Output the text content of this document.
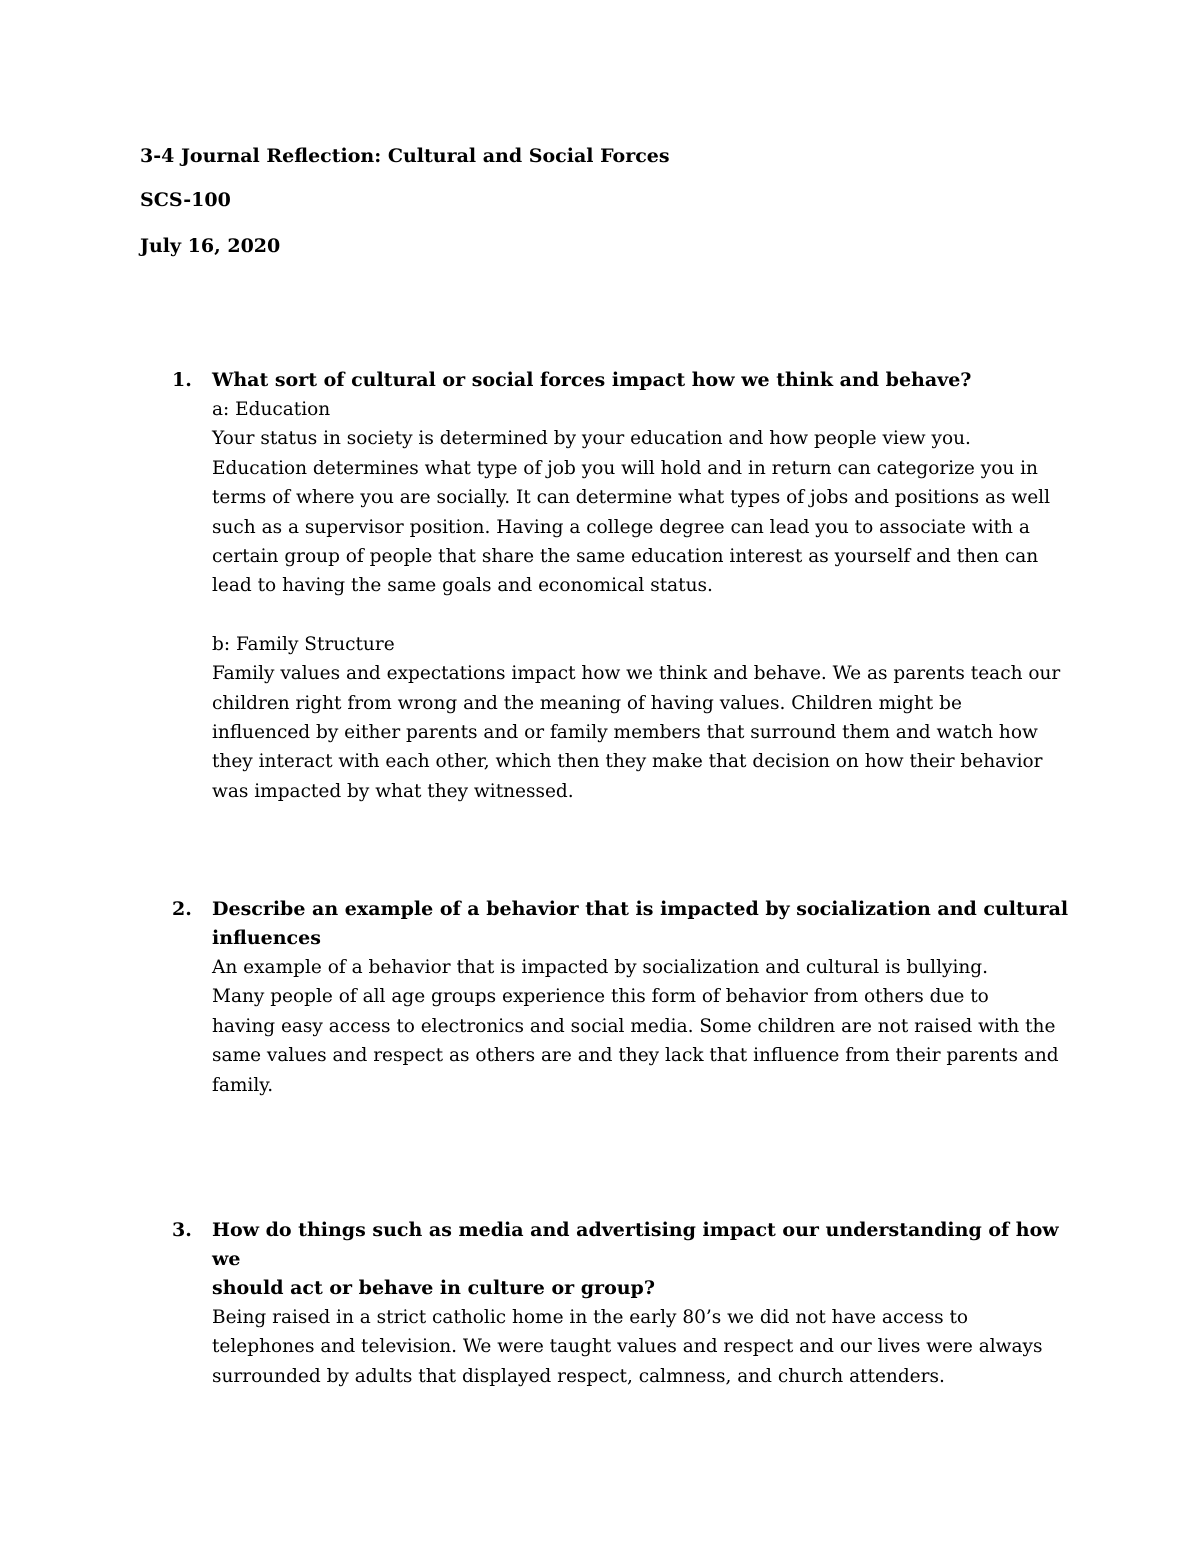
3-4 Journal Reflection: Cultural and Social Forces
SCS-100
July 16, 2020
1. What sort of cultural or social forces impact how we think and behave?

a: Education

Your status in society is determined by your education and how people view you.
Education determines what type of job you will hold and in return can categorize you in
terms of where you are socially. It can determine what types of jobs and positions as well
such as a supervisor position. Having a college degree can lead you to associate with a
certain group of people that share the same education interest as yourself and then can
lead to having the same goals and economical status.

b: Family Structure

Family values and expectations impact how we think and behave. We as parents teach our
children right from wrong and the meaning of having values. Children might be
influenced by either parents and or family members that surround them and watch how
they interact with each other, which then they make that decision on how their behavior
was impacted by what they witnessed.

2. Describe an example of a behavior that is impacted by socialization and cultural

influences

An example of a behavior that is impacted by socialization and cultural is bullying.
Many people of all age groups experience this form of behavior from others due to
having easy access to electronics and social media. Some children are not raised with the
same values and respect as others are and they lack that influence from their parents and
family.

3. How do things such as media and advertising impact our understanding of how we

should act or behave in culture or group?

Being raised in a strict catholic home in the early 80’s we did not have access to
telephones and television. We were taught values and respect and our lives were always
surrounded by adults that displayed respect, calmness, and church attenders.
